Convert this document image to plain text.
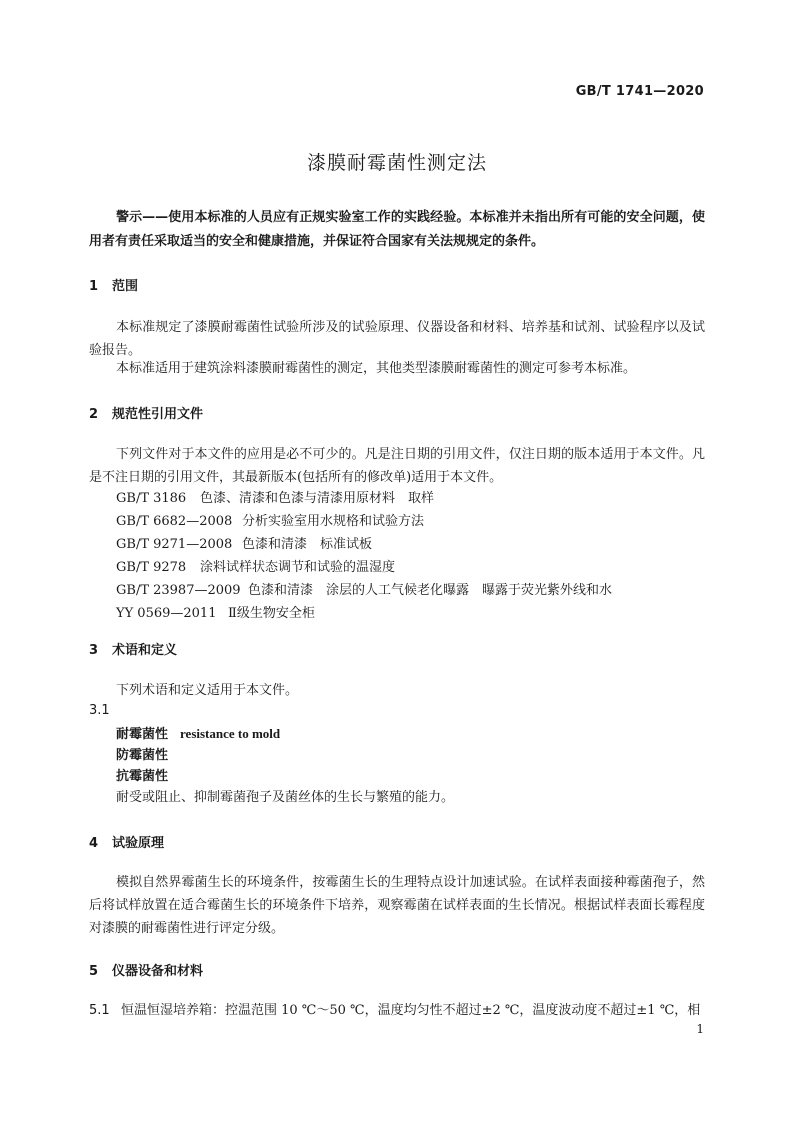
GB/T 1741—2020
漆膜耐霉菌性测定法
警示——使用本标准的人员应有正规实验室工作的实践经验。本标准并未指出所有可能的安全问题，使用者有责任采取适当的安全和健康措施，并保证符合国家有关法规规定的条件。
1 范围
本标准规定了漆膜耐霉菌性试验所涉及的试验原理、仪器设备和材料、培养基和试剂、试验程序以及试验报告。
本标准适用于建筑涂料漆膜耐霉菌性的测定，其他类型漆膜耐霉菌性的测定可参考本标准。
2 规范性引用文件
下列文件对于本文件的应用是必不可少的。凡是注日期的引用文件，仅注日期的版本适用于本文件。凡是不注日期的引用文件，其最新版本(包括所有的修改单)适用于本文件。
GB/T 3186 色漆、清漆和色漆与清漆用原材料　取样
GB/T 6682—2008 分析实验室用水规格和试验方法
GB/T 9271—2008 色漆和清漆　标准试板
GB/T 9278 涂料试样状态调节和试验的温湿度
GB/T 23987—2009 色漆和清漆　涂层的人工气候老化曝露　曝露于荧光紫外线和水
YY 0569—2011 Ⅱ级生物安全柜
3 术语和定义
下列术语和定义适用于本文件。
3.1
耐霉菌性 resistance to mold
防霉菌性
抗霉菌性
耐受或阻止、抑制霉菌孢子及菌丝体的生长与繁殖的能力。
4 试验原理
模拟自然界霉菌生长的环境条件，按霉菌生长的生理特点设计加速试验。在试样表面接种霉菌孢子，然后将试样放置在适合霉菌生长的环境条件下培养，观察霉菌在试样表面的生长情况。根据试样表面长霉程度对漆膜的耐霉菌性进行评定分级。
5 仪器设备和材料
5.1 恒温恒湿培养箱：控温范围 10 ℃～50 ℃，温度均匀性不超过±2 ℃，温度波动度不超过±1 ℃，相
1
